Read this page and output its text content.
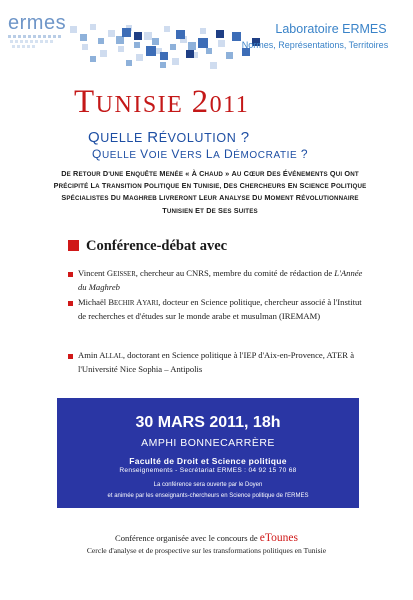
ermes	Laboratoire ERMES
Normes, Représentations, Territoires
TUNISIE 2011
QUELLE RÉVOLUTION ?
QUELLE VOIE VERS LA DÉMOCRATIE ?
DE RETOUR D'UNE ENQUÊTE MENÉE « À CHAUD » AU CŒUR DES ÉVÉNEMENTS QUI ONT PRÉCIPITÉ LA TRANSITION POLITIQUE EN TUNISIE, DES CHERCHEURS EN SCIENCE POLITIQUE SPÉCIALISTES DU MAGHREB LIVRERONT LEUR ANALYSE DU MOMENT RÉVOLUTIONNAIRE TUNISIEN ET DE SES SUITES
Conférence-débat avec
Vincent GEISSER, chercheur au CNRS, membre du comité de rédaction de L'Année du Maghreb
Michaël BECHIR AYARI, docteur en Science politique, chercheur associé à l'Institut de recherches et d'études sur le monde arabe et musulman (IREMAM)
Amin ALLAL, doctorant en Science politique à l'IEP d'Aix-en-Provence, ATER à l'Université Nice Sophia – Antipolis
30 MARS 2011, 18h
AMPHI BONNECARRÈRE
Faculté de Droit et Science politique
Renseignements - Secrétariat ERMES : 04 92 15 70 68
La conférence sera ouverte par le Doyen
et animée par les enseignants-chercheurs en Science politique de l'ERMES
Conférence organisée avec le concours de eTounes
Cercle d'analyse et de prospective sur les transformations politiques en Tunisie
